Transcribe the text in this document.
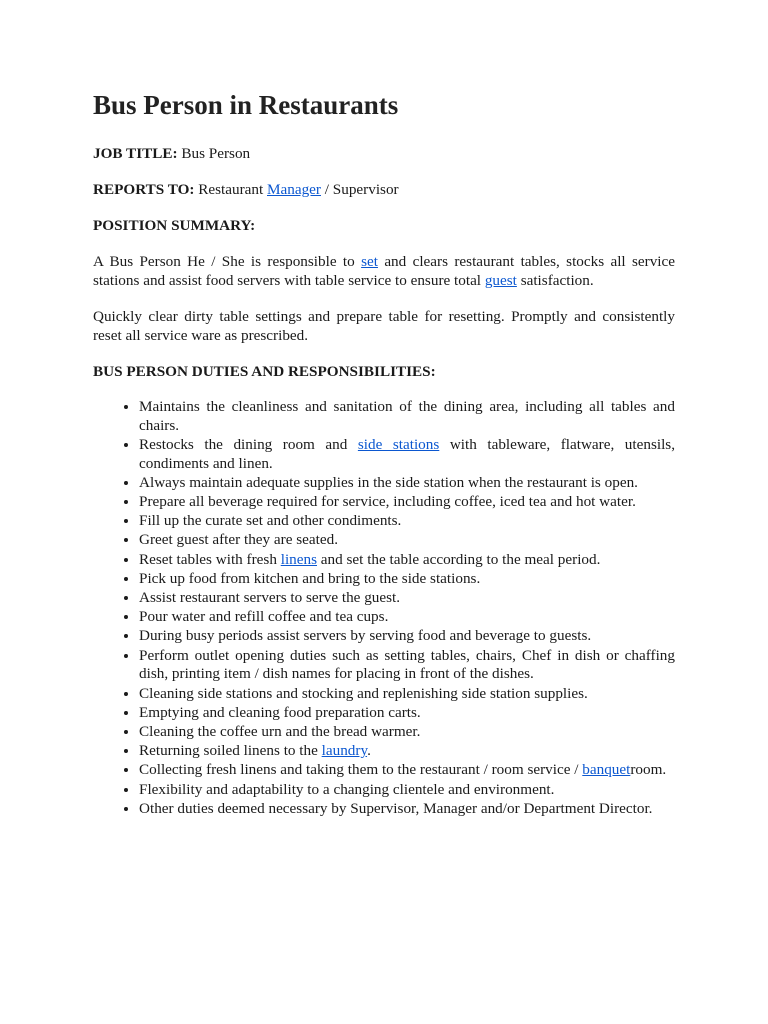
Bus Person in Restaurants

JOB TITLE: Bus Person

REPORTS TO: Restaurant Manager / Supervisor

POSITION SUMMARY:

A Bus Person He / She is responsible to set and clears restaurant tables, stocks all service stations and assist food servers with table service to ensure total guest satisfaction.

Quickly clear dirty table settings and prepare table for resetting. Promptly and consistently reset all service ware as prescribed.

BUS PERSON DUTIES AND RESPONSIBILITIES:

• Maintains the cleanliness and sanitation of the dining area, including all tables and chairs.
• Restocks the dining room and side stations with tableware, flatware, utensils, condiments and linen.
• Always maintain adequate supplies in the side station when the restaurant is open.
• Prepare all beverage required for service, including coffee, iced tea and hot water.
• Fill up the curate set and other condiments.
• Greet guest after they are seated.
• Reset tables with fresh linens and set the table according to the meal period.
• Pick up food from kitchen and bring to the side stations.
• Assist restaurant servers to serve the guest.
• Pour water and refill coffee and tea cups.
• During busy periods assist servers by serving food and beverage to guests.
• Perform outlet opening duties such as setting tables, chairs, Chef in dish or chaffing dish, printing item / dish names for placing in front of the dishes.
• Cleaning side stations and stocking and replenishing side station supplies.
• Emptying and cleaning food preparation carts.
• Cleaning the coffee urn and the bread warmer.
• Returning soiled linens to the laundry.
• Collecting fresh linens and taking them to the restaurant / room service / banquetroom.
• Flexibility and adaptability to a changing clientele and environment.
• Other duties deemed necessary by Supervisor, Manager and/or Department Director.
